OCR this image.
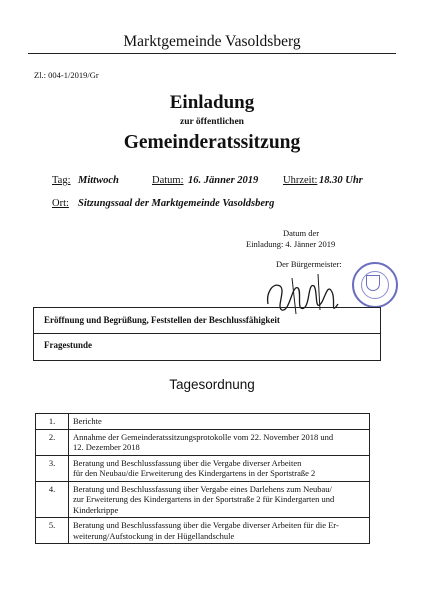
Marktgemeinde Vasoldsberg
Zl.: 004-1/2019/Gr
Einladung
zur öffentlichen
Gemeinderatssitzung
Tag: Mittwoch	Datum: 16. Jänner 2019 Uhrzeit: 18.30 Uhr
Ort: Sitzungssaal der Marktgemeinde Vasoldsberg
Datum der
Einladung: 4. Jänner 2019
Der Bürgermeister:
Eröffnung und Begrüßung, Feststellen der Beschlussfähigkeit
Fragestunde
Tagesordnung
1.	Berichte

2.	Annahme der Gemeinderatssitzungsprotokolle vom 22. November 2018 und
12. Dezember 2018

3.	Beratung und Beschlussfassung über die Vergabe diverser Arbeiten
für den Neubau/die Erweiterung des Kindergartens in der Sportstraße 2

4.	Beratung und Beschlussfassung über Vergabe eines Darlehens zum Neubau/
zur Erweiterung des Kindergartens in der Sportstraße 2 für Kindergarten und
Kinderkrippe

5.	Beratung und Beschlussfassung über die Vergabe diverser Arbeiten für die Er-
weiterung/Aufstockung in der Hügellandschule
